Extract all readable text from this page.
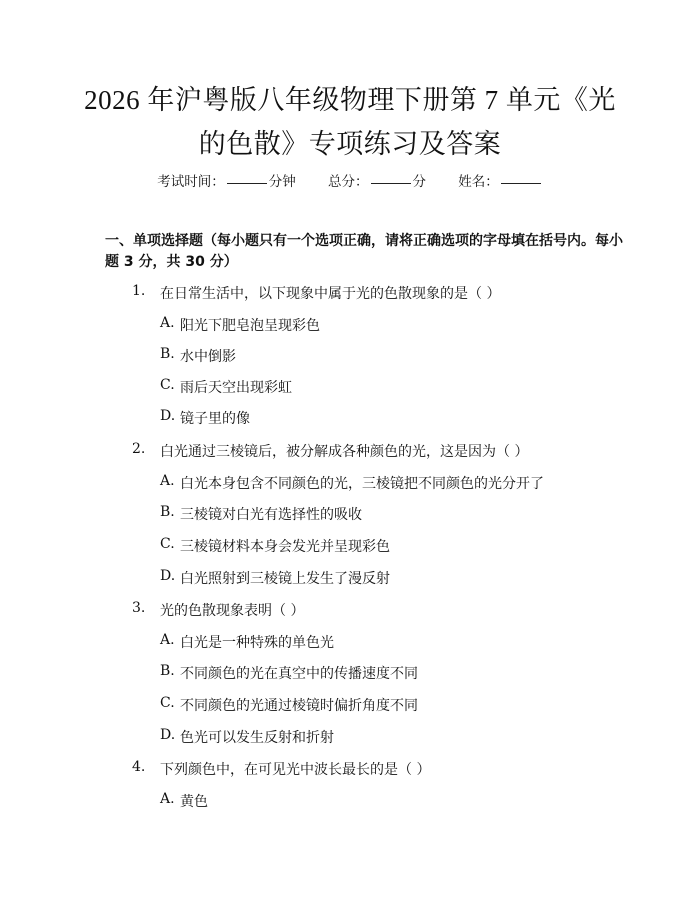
2026 年沪粤版八年级物理下册第 7 单元《光
的色散》专项练习及答案
考试时间：	分钟 总分：	分 姓名：
一、单项选择题（每小题只有一个选项正确，请将正确选项的字母填在括号内。每小题 3 分，共 30 分）
1. 在日常生活中，以下现象中属于光的色散现象的是（ ）
A. 阳光下肥皂泡呈现彩色
B. 水中倒影
C. 雨后天空出现彩虹
D. 镜子里的像
2. 白光通过三棱镜后，被分解成各种颜色的光，这是因为（ ）
A. 白光本身包含不同颜色的光，三棱镜把不同颜色的光分开了
B. 三棱镜对白光有选择性的吸收
C. 三棱镜材料本身会发光并呈现彩色
D. 白光照射到三棱镜上发生了漫反射
3. 光的色散现象表明（ ）
A. 白光是一种特殊的单色光
B. 不同颜色的光在真空中的传播速度不同
C. 不同颜色的光通过棱镜时偏折角度不同
D. 色光可以发生反射和折射
4. 下列颜色中，在可见光中波长最长的是（ ）
A. 黄色
